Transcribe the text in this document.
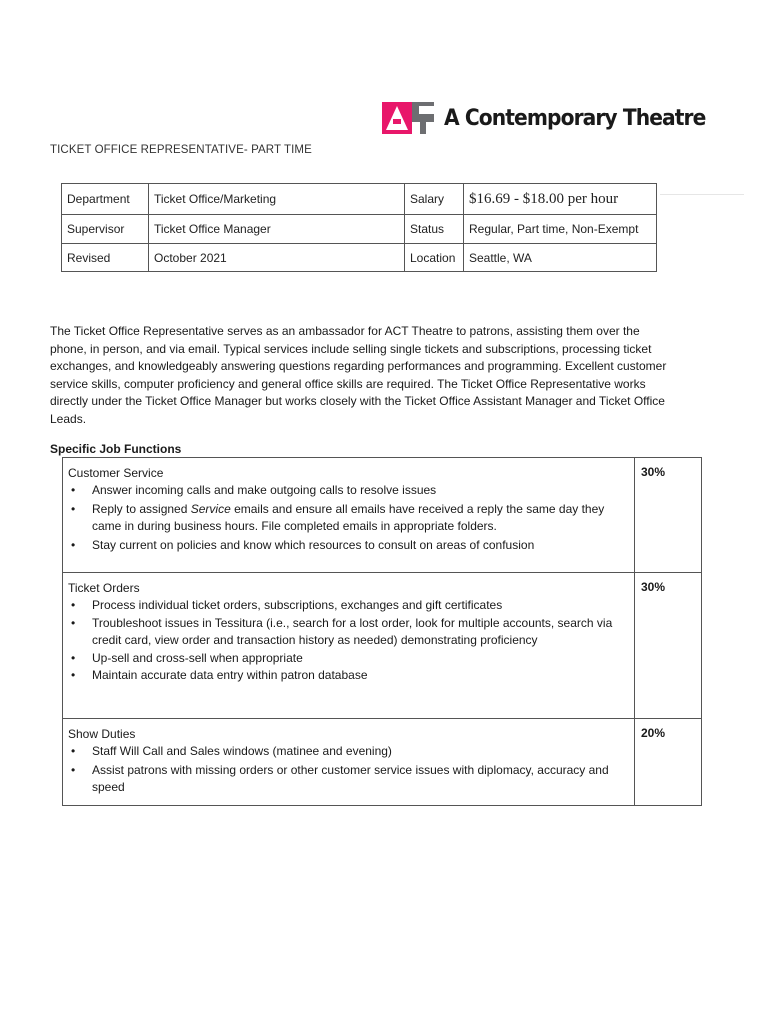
A Contemporary Theatre
TICKET OFFICE REPRESENTATIVE- PART TIME
Department	Ticket Office/Marketing	Salary	$16.69 - $18.00 per hour
Supervisor	Ticket Office Manager	Status	Regular, Part time, Non-Exempt
Revised	October 2021	Location	Seattle, WA

The Ticket Office Representative serves as an ambassador for ACT Theatre to patrons, assisting them over the phone, in person, and via email. Typical services include selling single tickets and subscriptions, processing ticket exchanges, and knowledgeably answering questions regarding performances and programming. Excellent customer service skills, computer proficiency and general office skills are required. The Ticket Office Representative works directly under the Ticket Office Manager but works closely with the Ticket Office Assistant Manager and Ticket Office Leads.

Specific Job Functions
Customer Service
• Answer incoming calls and make outgoing calls to resolve issues
• Reply to assigned Service emails and ensure all emails have received a reply the same day they came in during business hours. File completed emails in appropriate folders.
• Stay current on policies and know which resources to consult on areas of confusion
30%
Ticket Orders
• Process individual ticket orders, subscriptions, exchanges and gift certificates
• Troubleshoot issues in Tessitura (i.e., search for a lost order, look for multiple accounts, search via credit card, view order and transaction history as needed) demonstrating proficiency
• Up-sell and cross-sell when appropriate
• Maintain accurate data entry within patron database
30%
Show Duties
• Staff Will Call and Sales windows (matinee and evening)
• Assist patrons with missing orders or other customer service issues with diplomacy, accuracy and speed
20%
